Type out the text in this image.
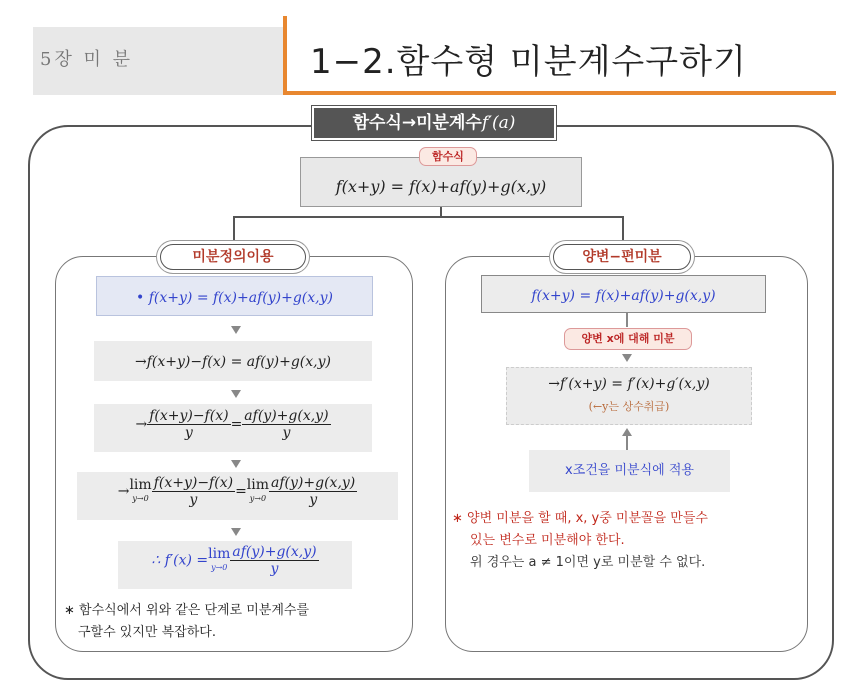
5장 미 분	1−2.함수형 미분계수구하기
함수식→미분계수f′(a)
f(x+y) = f(x)+af(y)+g(x,y)
함수식
미분정의이용
• f(x+y) = f(x)+af(y)+g(x,y)
→f(x+y)−f(x) = af(y)+g(x,y)
→ $\frac{f(x+y)-f(x)}{y} = \frac{af(y)+g(x,y)}{y}$
→lim
$y\to 0 \frac{f(x+y)-f(x)}{y} =\lim$
$y\to 0 \frac{af(y)+g(x,y)}{y}$
∴ f′(x) =lim
$y\to 0 \frac{af(y)+g(x,y)}{y}$
∗ 함수식에서 위와 같은 단계로 미분계수를
구할수 있지만 복잡하다.
양변−편미분
f(x+y) = f(x)+af(y)+g(x,y)
양변 x에 대해 미분
→f′(x+y) = f′(x)+g′(x,y)
(←y는 상수취급)
x조건을 미분식에 적용
∗ 양변 미분을 할 때, x, y중 미분꼴을 만들수
있는 변수로 미분해야 한다.
위 경우는 a ≠ 1이면 y로 미분할 수 없다.
